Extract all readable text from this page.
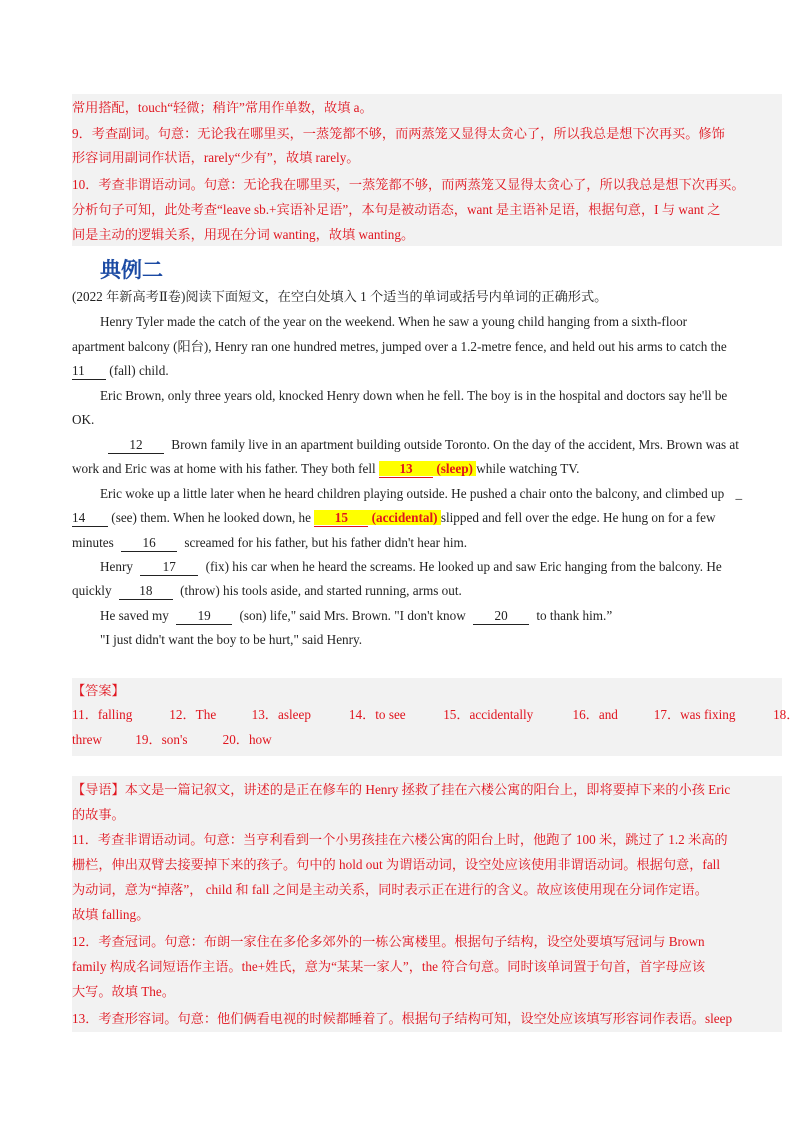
常用搭配，touch“轻微；稍许”常用作单数，故填 a。
9．考查副词。句意：无论我在哪里买，一蒸笼都不够，而两蒸笼又显得太贪心了，所以我总是想下次再买。修饰
形容词用副词作状语，rarely“少有”，故填 rarely。
10．考查非谓语动词。句意：无论我在哪里买，一蒸笼都不够，而两蒸笼又显得太贪心了，所以我总是想下次再买。
分析句子可知，此处考查“leave sb.+宾语补足语”，本句是被动语态，want 是主语补足语，根据句意，I 与 want 之
间是主动的逻辑关系，用现在分词 wanting，故填 wanting。
典例二
(2022 年新高考Ⅱ卷)阅读下面短文，在空白处填入 1 个适当的单词或括号内单词的正确形式。
Henry Tyler made the catch of the year on the weekend. When he saw a young child hanging from a sixth-floor
apartment balcony (阳台), Henry ran one hundred metres, jumped over a 1.2-metre fence, and held out his arms to catch the
11 (fall) child.
Eric Brown, only three years old, knocked Henry down when he fell. The boy is in the hospital and doctors say he'll be
OK.
12 Brown family live in an apartment building outside Toronto. On the day of the accident, Mrs. Brown was at
work and Eric was at home with his father. They both fell 13 (sleep) while watching TV.
Eric woke up a little later when he heard children playing outside. He pushed a chair onto the balcony, and climbed up _
14 (see) them. When he looked down, he 15 (accidental) slipped and fell over the edge. He hung on for a few
minutes 16 screamed for his father, but his father didn't hear him.
Henry 17 (fix) his car when he heard the screams. He looked up and saw Eric hanging from the balcony. He
quickly 18 (throw) his tools aside, and started running, arms out.
He saved my 19 (son) life," said Mrs. Brown. "I don't know 20 to thank him.”
"I just didn't want the boy to be hurt," said Henry.
【答案】
11．falling	12．The	13．asleep	14．to see	15．accidentally	16．and	17．was fixing	18．
threw	19．son's	20．how
【导语】本文是一篇记叙文，讲述的是正在修车的 Henry 拯救了挂在六楼公寓的阳台上，即将要掉下来的小孩 Eric
的故事。
11．考查非谓语动词。句意：当亨利看到一个小男孩挂在六楼公寓的阳台上时，他跑了 100 米，跳过了 1.2 米高的
栅栏，伸出双臂去接要掉下来的孩子。句中的 hold out 为谓语动词，设空处应该使用非谓语动词。根据句意，fall
为动词，意为“掉落”， child 和 fall 之间是主动关系，同时表示正在进行的含义。故应该使用现在分词作定语。
故填 falling。
12．考查冠词。句意：布朗一家住在多伦多郊外的一栋公寓楼里。根据句子结构，设空处要填写冠词与 Brown
family 构成名词短语作主语。the+姓氏，意为“某某一家人”，the 符合句意。同时该单词置于句首，首字母应该
大写。故填 The。
13．考查形容词。句意：他们俩看电视的时候都睡着了。根据句子结构可知，设空处应该填写形容词作表语。sleep
